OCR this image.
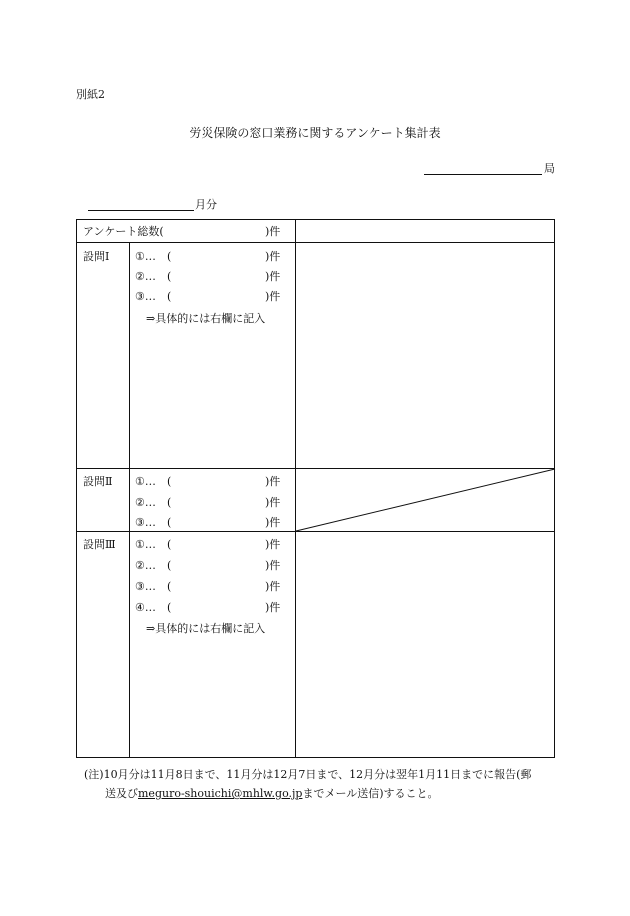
別紙2
労災保険の窓口業務に関するアンケート集計表
局
月分
アンケート総数(	)件
設問Ⅰ ①… (	)件
②… (	)件
③… (	)件
⇒具体的には右欄に記入
設問Ⅱ ①… (	)件
②… (	)件
③… (	)件
設問Ⅲ ①… (	)件
②… (	)件
③… (	)件
④… (	)件
⇒具体的には右欄に記入
(注)10月分は11月8日まで、11月分は12月7日まで、12月分は翌年1月11日までに報告(郵
送及びmeguro-shouichi@mhlw.go.jpまでメール送信)すること。
